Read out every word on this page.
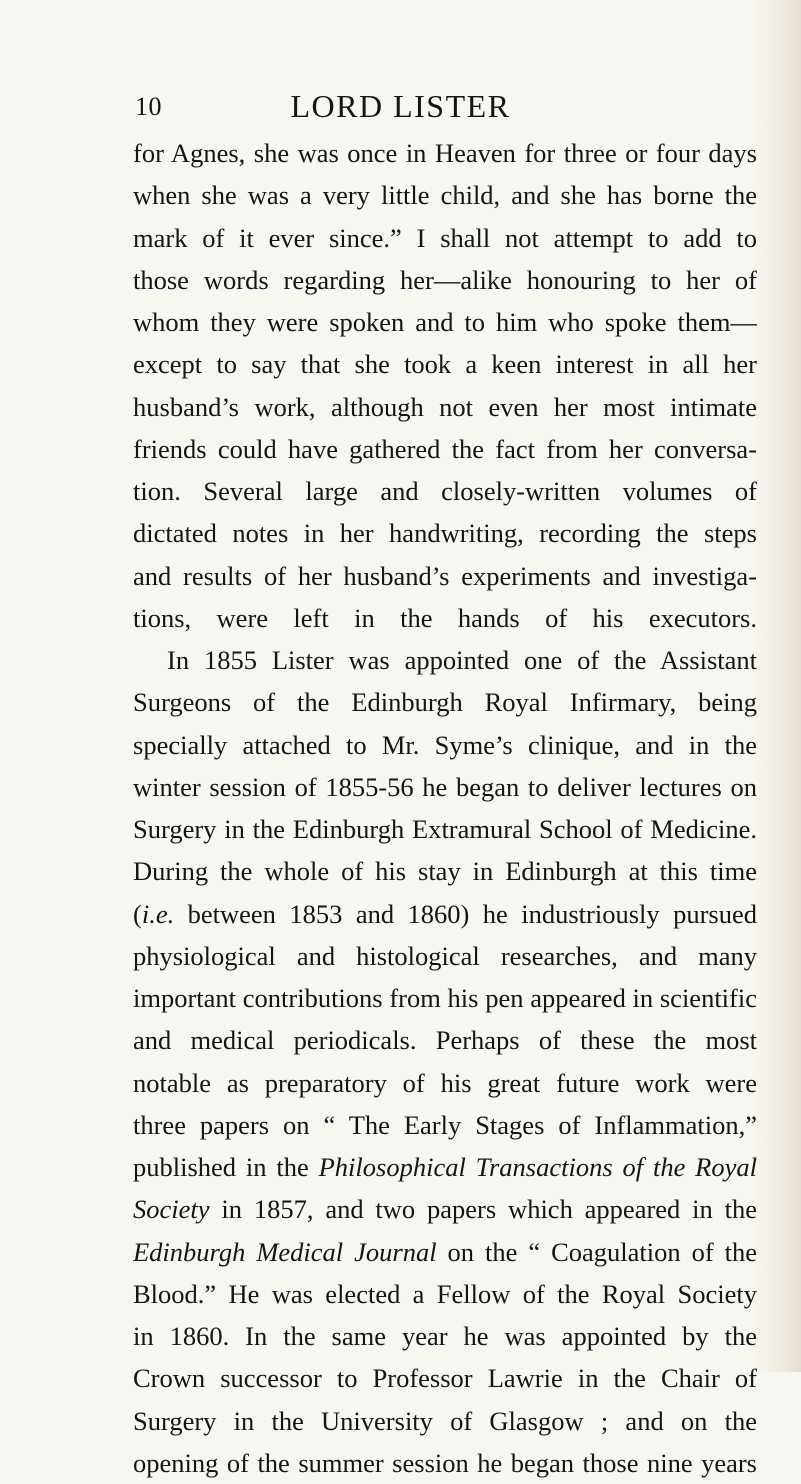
10	LORD LISTER
for Agnes, she was once in Heaven for three or four days
when she was a very little child, and she has borne the
mark of it ever since.” I shall not attempt to add to
those words regarding her—alike honouring to her of
whom they were spoken and to him who spoke them—
except to say that she took a keen interest in all her
husband’s work, although not even her most intimate
friends could have gathered the fact from her conversa-
tion. Several large and closely-written volumes of
dictated notes in her handwriting, recording the steps
and results of her husband’s experiments and investiga-
tions, were left in the hands of his executors.
In 1855 Lister was appointed one of the Assistant
Surgeons of the Edinburgh Royal Infirmary, being
specially attached to Mr. Syme’s clinique, and in the
winter session of 1855-56 he began to deliver lectures on
Surgery in the Edinburgh Extramural School of Medicine.
During the whole of his stay in Edinburgh at this time
(i.e. between 1853 and 1860) he industriously pursued
physiological and histological researches, and many
important contributions from his pen appeared in scientific
and medical periodicals. Perhaps of these the most
notable as preparatory of his great future work were
three papers on “ The Early Stages of Inflammation,”
published in the Philosophical Transactions of the Royal
Society in 1857, and two papers which appeared in the
Edinburgh Medical Journal on the “ Coagulation of the
Blood.” He was elected a Fellow of the Royal Society
in 1860. In the same year he was appointed by the
Crown successor to Professor Lawrie in the Chair of
Surgery in the University of Glasgow ; and on the
opening of the summer session he began those nine years
